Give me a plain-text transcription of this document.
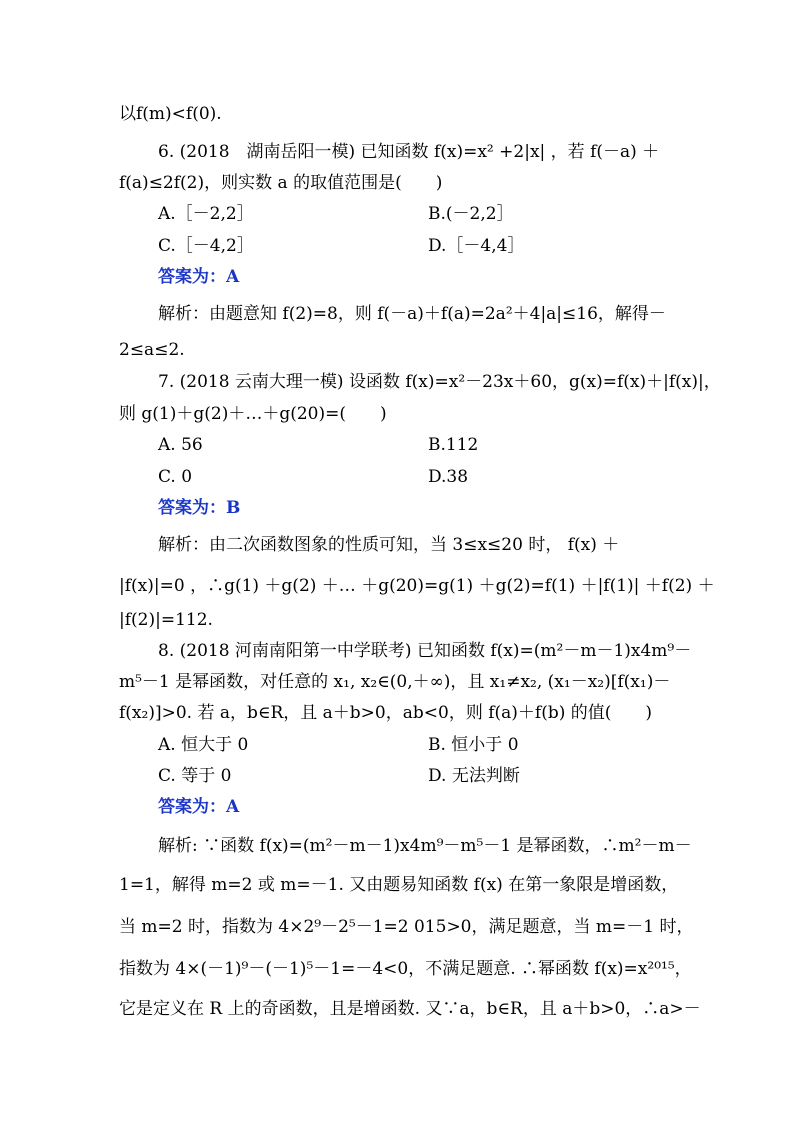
以f(m)<f(0).
6. (2018　湖南岳阳一模) 已知函数 f(x)=x² +2|x| ，若 f(－a) ＋
f(a)≤2f(2)，则实数 a 的取值范围是(　　)
A.［－2,2］	B.(－2,2］
C.［－4,2］	D.［－4,4］
答案为：A
解析：由题意知 f(2)=8，则 f(－a)＋f(a)=2a²＋4|a|≤16，解得－
2≤a≤2.
7. (2018 云南大理一模) 设函数 f(x)=x²－23x＋60，g(x)=f(x)＋|f(x)|，
则 g(1)＋g(2)＋…＋g(20)=(　　)
A. 56	B.112
C. 0	D.38
答案为：B
解析：由二次函数图象的性质可知，当 3≤x≤20 时， f(x) ＋
|f(x)|=0 ，∴g(1) ＋g(2) ＋… ＋g(20)=g(1) ＋g(2)=f(1) ＋|f(1)| ＋f(2) ＋
|f(2)|=112.
8. (2018 河南南阳第一中学联考) 已知函数 f(x)=(m²－m－1)x4m⁹－
m⁵－1 是幂函数，对任意的 x₁, x₂∈(0,＋∞)，且 x₁≠x₂, (x₁－x₂)[f(x₁)－
f(x₂)]>0. 若 a，b∈R，且 a＋b>0，ab<0，则 f(a)＋f(b) 的值(　　)
A. 恒大于 0	B. 恒小于 0
C. 等于 0	D. 无法判断
答案为：A
解析: ∵函数 f(x)=(m²－m－1)x4m⁹－m⁵－1 是幂函数，∴m²－m－
1=1，解得 m=2 或 m=－1. 又由题易知函数 f(x) 在第一象限是增函数，
当 m=2 时，指数为 4×2⁹－2⁵－1=2 015>0，满足题意，当 m=－1 时，
指数为 4×(－1)⁹－(－1)⁵－1=－4<0，不满足题意. ∴幂函数 f(x)=x²⁰¹⁵，
它是定义在 R 上的奇函数，且是增函数. 又∵a，b∈R，且 a＋b>0，∴a>－
